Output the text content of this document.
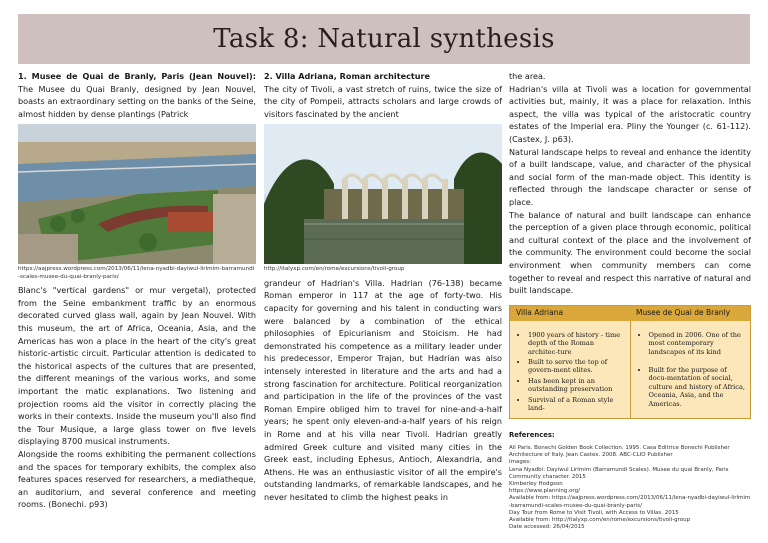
Task 8: Natural synthesis

1. Musee de Quai de Branly, Paris (Jean Nouvel): The Musee du Quai Branly, designed by Jean Nouvel, boasts an extraordinary setting on the banks of the Seine, almost hidden by dense plantings (Patrick

https://aajpress.wordpress.com/2013/06/11/lena-nyadbi-dayiwul-lirlmim-barramundi-scales-musee-du-quai-branly-paris/

Blanc's "vertical gardens" or mur vergetal), protected from the Seine embankment traffic by an enormous decorated curved glass wall, again by Jean Nouvel. With this museum, the art of Africa, Oceania, Asia, and the Americas has won a place in the heart of the city's great historic-artistic circuit. Particular attention is dedicated to the historical aspects of the cultures that are presented, the different meanings of the various works, and some important the matic explanations. Two listening and projection rooms aid the visitor in correctly placing the works in their contexts. Inside the museum you'll also find the Tour Musique, a large glass tower on five levels displaying 8700 musical instruments.

Alongside the rooms exhibiting the permanent collections and the spaces for temporary exhibits, the complex also features spaces reserved for researchers, a mediatheque, an auditorium, and several conference and meeting rooms. (Bonechi. p93)

2. Villa Adriana, Roman architecture
The city of Tivoli, a vast stretch of ruins, twice the size of the city of Pompeii, attracts scholars and large crowds of visitors fascinated by the ancient

http://italyxp.com/en/rome/excursions/tivoli-group

grandeur of Hadrian's Villa. Hadrian (76-138) became Roman emperor in 117 at the age of forty-two. His capacity for governing and his talent in conducting wars were balanced by a combination of the ethical philosophies of Epicurianism and Stoicism. He had demonstrated his competence as a military leader under his predecessor, Emperor Trajan, but Hadrian was also intensely interested in literature and the arts and had a strong fascination for architecture. Political reorganization and participation in the life of the provinces of the vast Roman Empire obliged him to travel for nine-and-a-half years; he spent only eleven-and-a-half years of his reign in Rome and at his villa near Tivoli. Hadrian greatly admired Greek culture and visited many cities in the Greek east, including Ephesus, Antioch, Alexandria, and Athens. He was an enthusiastic visitor of all the empire's outstanding landmarks, of remarkable landscapes, and he never hesitated to climb the highest peaks in

the area.

Hadrian's villa at Tivoli was a location for governmental activities but, mainly, it was a place for relaxation. Inthis aspect, the villa was typical of the aristocratic country estates of the Imperial era. Pliny the Younger (c. 61-112). (Castex, J. p63).

Natural landscape helps to reveal and enhance the identity of a built landscape, value, and character of the physical and social form of the man-made object. This identity is reflected through the landscape character or sense of place.

The balance of natural and built landscape can enhance the perception of a given place through economic, political and cultural context of the place and the involvement of the community. The environment could become the social environment when community members can come together to reveal and respect this narrative of natural and built landscape.

Villa Adriana	Musee de Quai de Branly
• 1900 years of history - time depth of the Roman architec-ture
• Built to serve the top of govern-ment elites.
• Has been kept in an outstanding preservation
• Survival of a Roman style land-
• Opened in 2006. One of the most contemporary landscapes of its kind
• Built for the purpose of docu-mentation of social, culture and history of Africa, Oceania, Asia, and the Americas.
References:
All Paris. Bonechi Golden Book Collection. 1995. Casa Editrice Bonechi Publisher
Architecture of Italy. Jean Castex. 2008. ABC-CLIO Publisher
Images:
Lena Nyadbi: Dayiwul Lirlmim (Barramundi Scales). Musee du quai Branly, Paris
Community character. 2015
Kimberley Hodgson
https://www.planning.org/
Available from: https://aajpress.wordpress.com/2013/06/11/lena-nyadbi-dayiwul-lirlmim-barramundi-scales-musee-du-quai-branly-paris/
Day Tour from Rome to Visit Tivoli, with Access to Villas. 2015
Available from: http://italyxp.com/en/rome/excursions/tivoli-group
Date accessed: 26/04/2015
